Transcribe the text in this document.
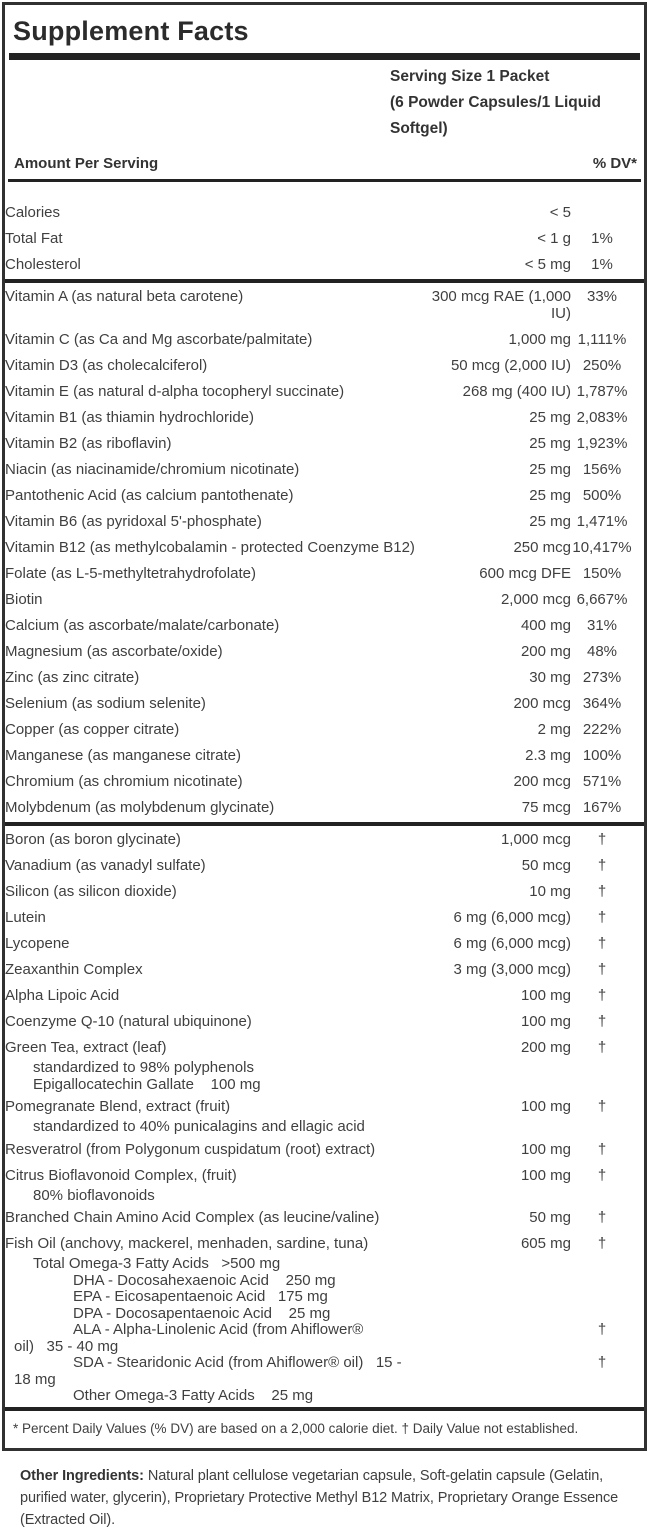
Supplement Facts
Serving Size 1 Packet
(6 Powder Capsules/1 Liquid Softgel)
Amount Per Serving	% DV*
Calories	< 5		
Total Fat	< 1 g	1%	
Cholesterol	< 5 mg	1%	

Vitamin A (as natural beta carotene)	300 mcg RAE (1,000 IU)	33%	
Vitamin C (as Ca and Mg ascorbate/palmitate)	1,000 mg	1,111%	
Vitamin D3 (as cholecalciferol)	50 mcg (2,000 IU)	250%	
Vitamin E (as natural d-alpha tocopheryl succinate)	268 mg (400 IU)	1,787%	
Vitamin B1 (as thiamin hydrochloride)	25 mg	2,083%	
Vitamin B2 (as riboflavin)	25 mg	1,923%	
Niacin (as niacinamide/chromium nicotinate)	25 mg	156%	
Pantothenic Acid (as calcium pantothenate)	25 mg	500%	
Vitamin B6 (as pyridoxal 5'-phosphate)	25 mg	1,471%	
Vitamin B12 (as methylcobalamin - protected Coenzyme B12)	250 mcg	10,417%	
Folate (as L-5-methyltetrahydrofolate)	600 mcg DFE	150%	
Biotin	2,000 mcg	6,667%	
Calcium (as ascorbate/malate/carbonate)	400 mg	31%	
Magnesium (as ascorbate/oxide)	200 mg	48%	
Zinc (as zinc citrate)	30 mg	273%	
Selenium (as sodium selenite)	200 mcg	364%	
Copper (as copper citrate)	2 mg	222%	
Manganese (as manganese citrate)	2.3 mg	100%	
Chromium (as chromium nicotinate)	200 mcg	571%	
Molybdenum (as molybdenum glycinate)	75 mcg	167%	

Boron (as boron glycinate)	1,000 mcg	†	
Vanadium (as vanadyl sulfate)	50 mcg	†	
Silicon (as silicon dioxide)	10 mg	†	
Lutein	6 mg (6,000 mcg)	†	
Lycopene	6 mg (6,000 mcg)	†	
Zeaxanthin Complex	3 mg (3,000 mcg)	†	
Alpha Lipoic Acid	100 mg	†	
Coenzyme Q-10 (natural ubiquinone)	100 mg	†	
Green Tea, extract (leaf)	200 mg	†	
standardized to 98% polyphenols			
Epigallocatechin Gallate    100 mg			
Pomegranate Blend, extract (fruit)	100 mg	†	
standardized to 40% punicalagins and ellagic acid			
Resveratrol (from Polygonum cuspidatum (root) extract)	100 mg	†	
Citrus Bioflavonoid Complex, (fruit)	100 mg	†	
80% bioflavonoids			
Branched Chain Amino Acid Complex (as leucine/valine)	50 mg	†	
Fish Oil (anchovy, mackerel, menhaden, sardine, tuna)	605 mg	†	
Total Omega-3 Fatty Acids   >500 mg			
DHA - Docosahexaenoic Acid    250 mg			
EPA - Eicosapentaenoic Acid   175 mg			
DPA - Docosapentaenoic Acid    25 mg			
ALA - Alpha-Linolenic Acid (from Ahiflower®		†	
oil)   35 - 40 mg			
SDA - Stearidonic Acid (from Ahiflower® oil)   15 -		†	
18 mg			
Other Omega-3 Fatty Acids    25 mg			

* Percent Daily Values (% DV) are based on a 2,000 calorie diet. † Daily Value not established.

Other Ingredients: Natural plant cellulose vegetarian capsule, Soft-gelatin capsule (Gelatin, purified water, glycerin), Proprietary Protective Methyl B12 Matrix, Proprietary Orange Essence (Extracted Oil).
